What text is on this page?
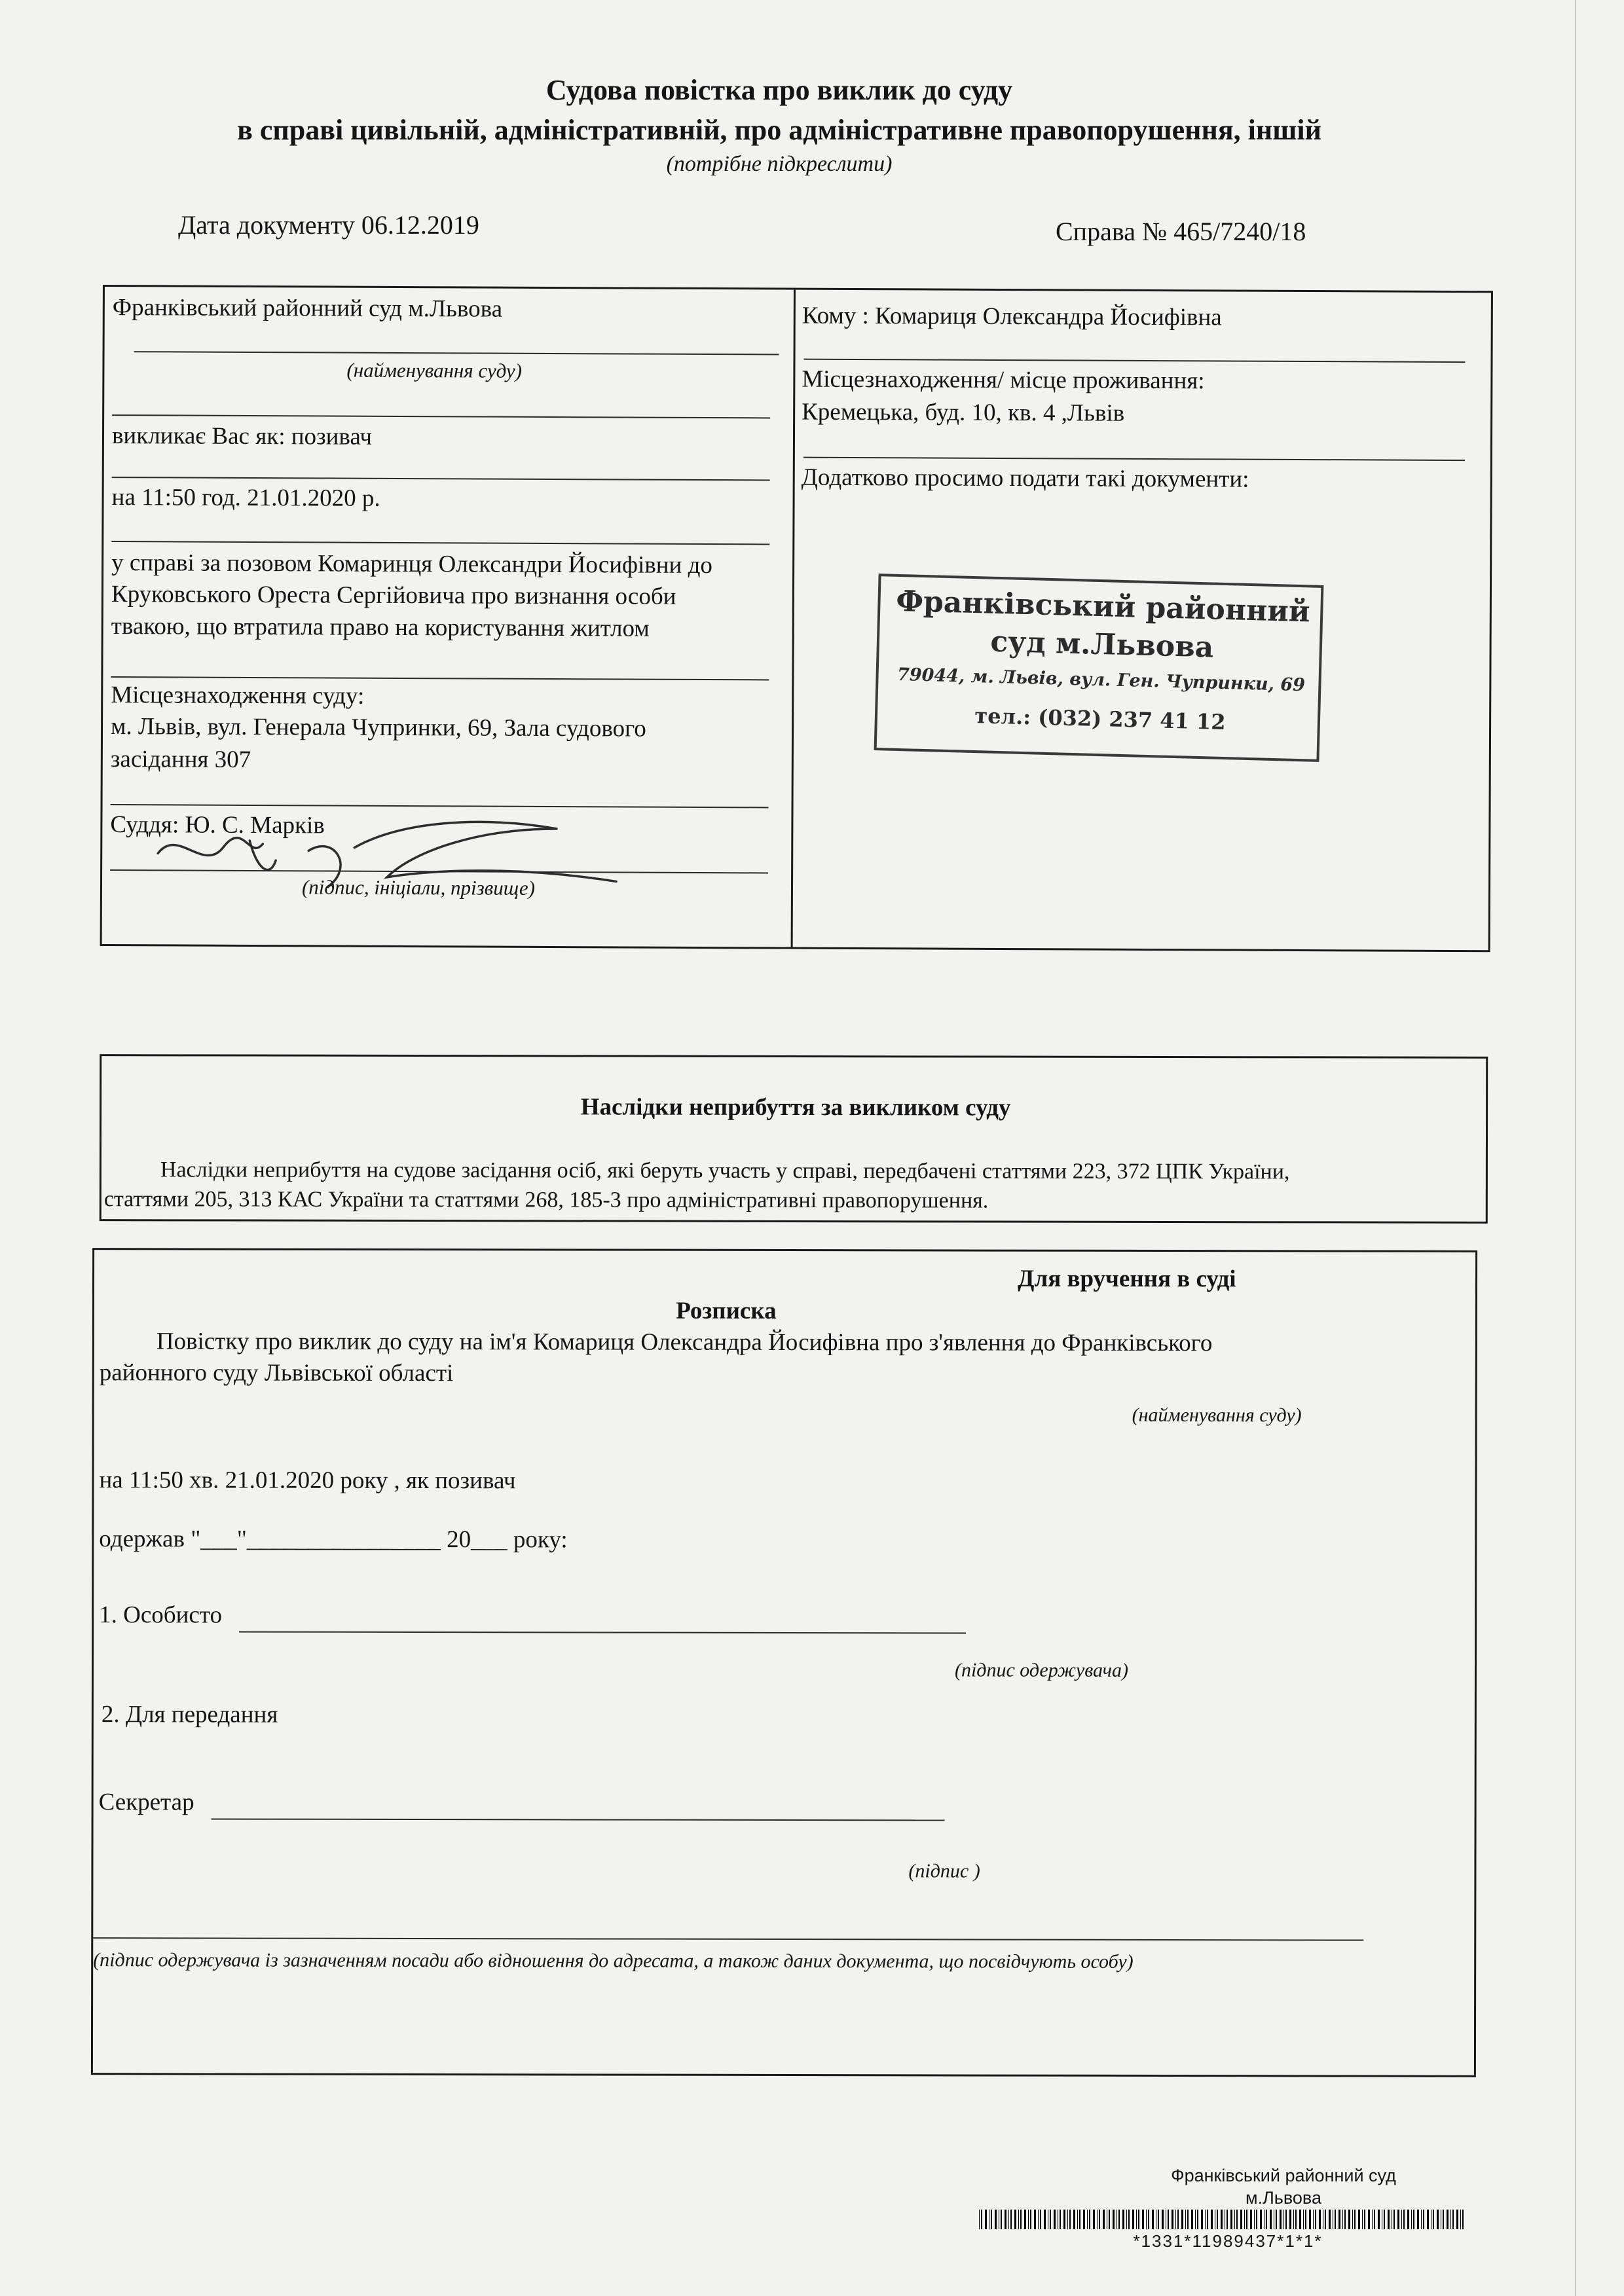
Судова повістка про виклик до суду
в справі цивільній, адміністративній, про адміністративне правопорушення, іншій
(потрібне підкреслити)
Дата документу 06.12.2019	Справа № 465/7240/18
Франківський районний суд м.Львова
(найменування суду)
викликає Вас як: позивач
на 11:50 год. 21.01.2020 р.
у справі за позовом Комаринця Олександри Йосифівни до
Круковського Ореста Сергійовича про визнання особи
твакою, що втратила право на користування житлом
Місцезнаходження суду:
м. Львів, вул. Генерала Чупринки, 69, Зала судового
засідання 307
Суддя: Ю. С. Марків
(підпис, ініціали, прізвище)
Кому : Комариця Олександра Йосифівна
Місцезнаходження/ місце проживання:
Кремецька, буд. 10, кв. 4 ,Львів
Додатково просимо подати такі документи:
Франківський районний
суд м.Львова
79044, м. Львів, вул. Ген. Чупринки, 69
тел.: (032) 237 41 12
Наслідки неприбуття за викликом суду
Наслідки неприбуття на судове засідання осіб, які беруть участь у справі, передбачені статтями 223, 372 ЦПК України,
статтями 205, 313 КАС України та статтями 268, 185-3 про адміністративні правопорушення.
Для вручення в суді
Розписка
Повістку про виклик до суду на ім'я Комариця Олександра Йосифівна про з'явлення до Франківського
районного суду Львівської області
(найменування суду)
на 11:50 хв. 21.01.2020 року , як позивач
одержав "___"________________ 20___ року:
1. Особисто
(підпис одержувача)
2. Для передання
Секретар
(підпис )
(підпис одержувача із зазначенням посади або відношення до адресата, а також даних документа, що посвідчують особу)
Франківський районний суд
м.Львова
*1331*11989437*1*1*
